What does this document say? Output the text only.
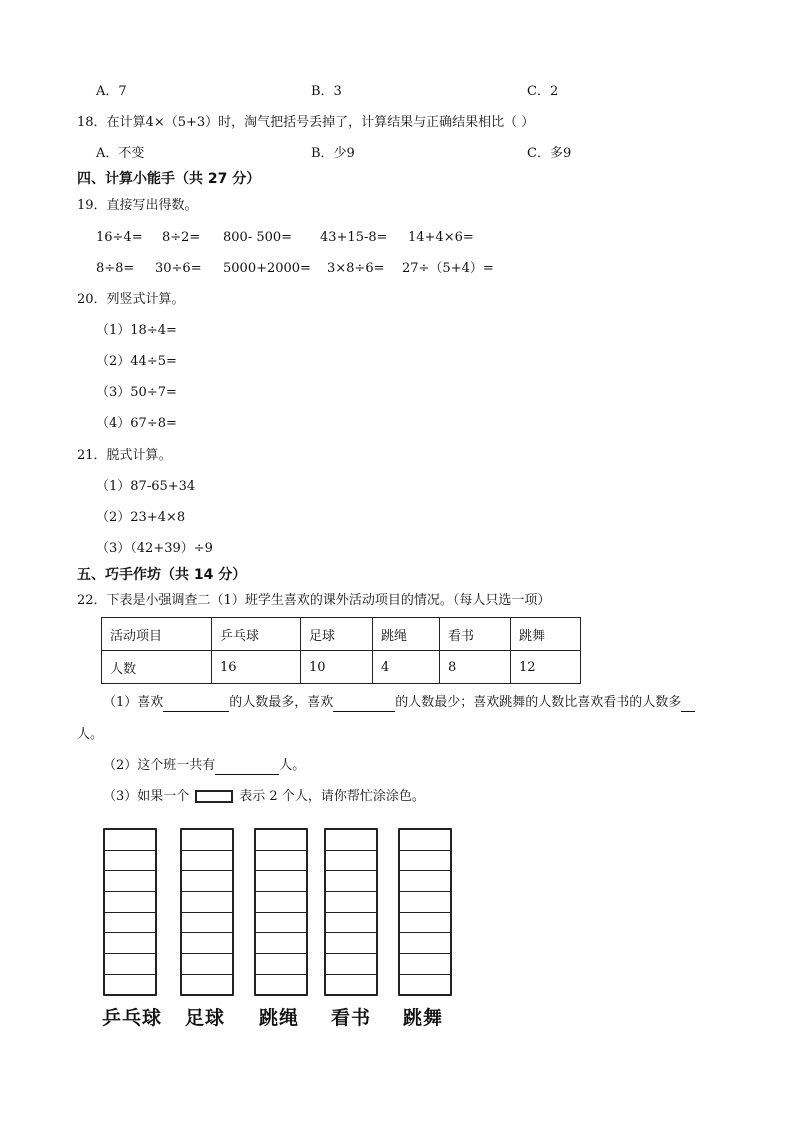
A．7	B．3	C．2
18．在计算4×（5+3）时，淘气把括号丢掉了，计算结果与正确结果相比（ ）
A．不变	B．少9	C．多9
四、计算小能手（共 27 分）
19．直接写出得数。
16÷4= 8÷2= 800- 500= 43+15-8= 14+4×6=
8÷8= 30÷6= 5000+2000= 3×8÷6= 27÷（5+4）=
20．列竖式计算。
（1）18÷4=
（2）44÷5=
（3）50÷7=
（4）67÷8=
21．脱式计算。
（1）87-65+34
（2）23+4×8
（3）（42+39）÷9
五、巧手作坊（共 14 分）
22．下表是小强调查二（1）班学生喜欢的课外活动项目的情况。（每人只选一项）
活动项目	乒乓球	足球	跳绳	看书	跳舞
人数	16	10	4	8	12
（1）喜欢	的人数最多，喜欢	的人数最少；喜欢跳舞的人数比喜欢看书的人数多
人。
（2）这个班一共有	人。
（3）如果一个	表示 2 个人，请你帮忙涂涂色。
乒乓球 足球 跳绳 看书 跳舞
